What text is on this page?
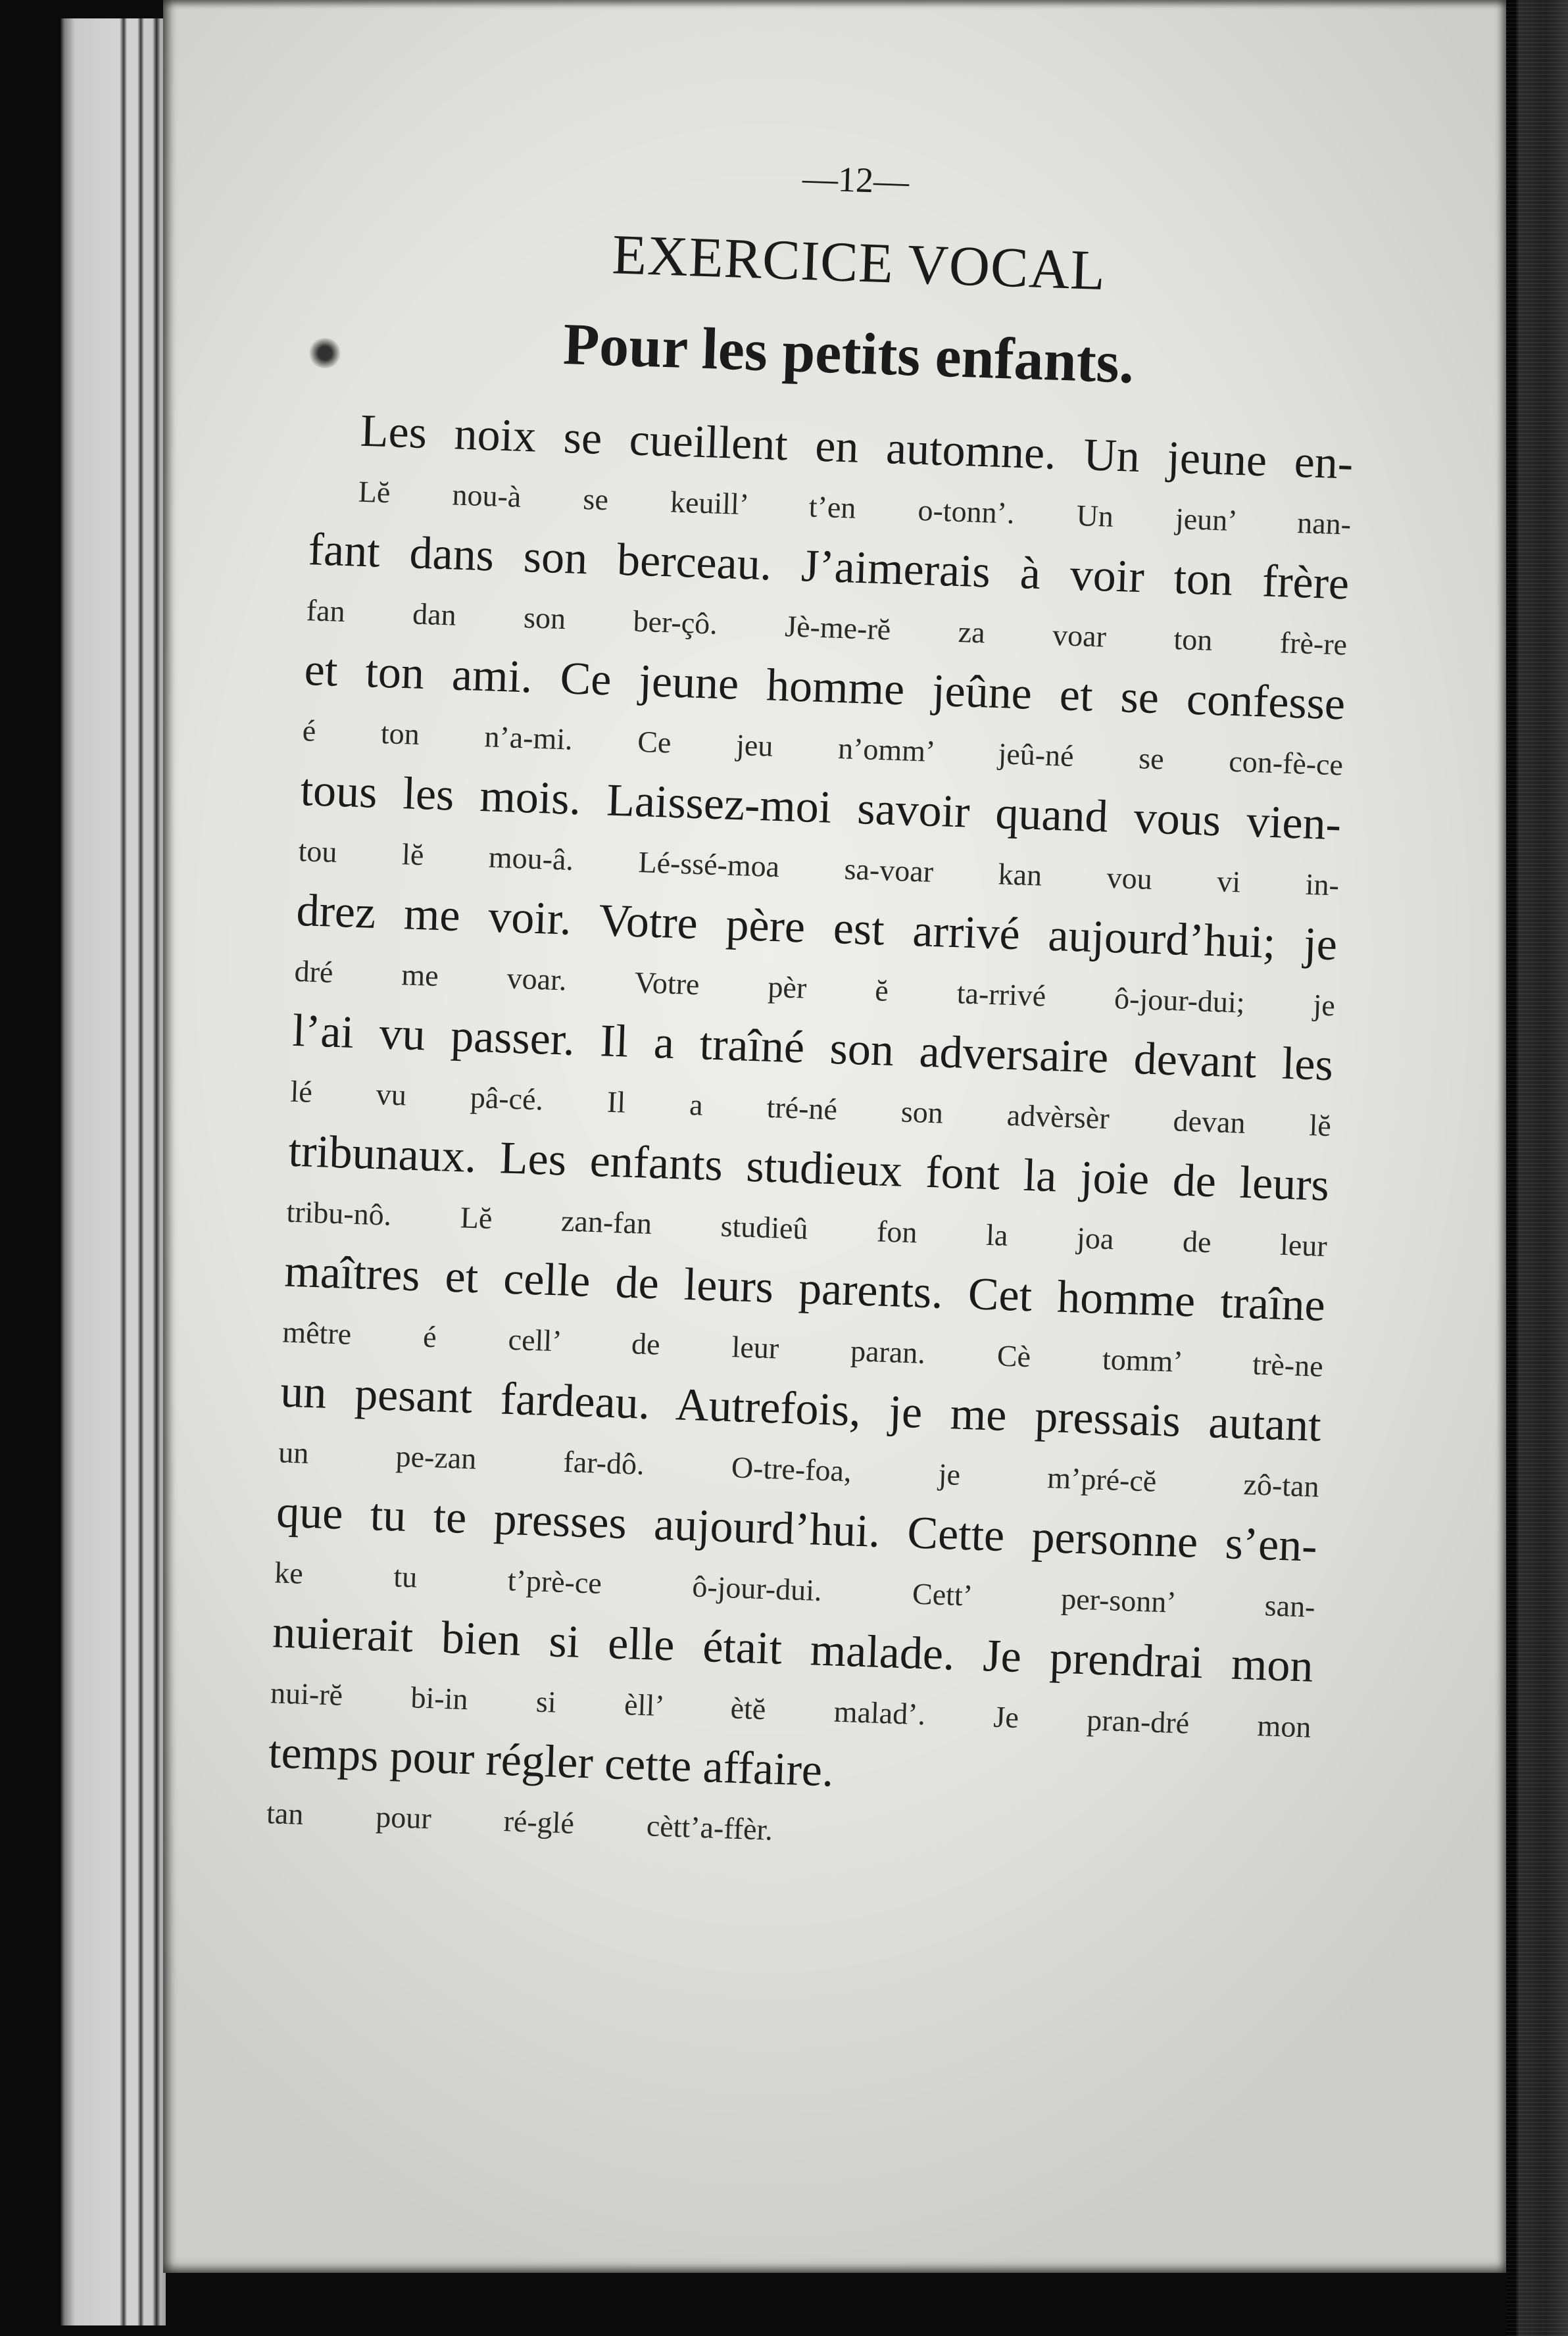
—12—
EXERCICE VOCAL
Pour les petits enfants.
Les noix se cueillent en automne. Un jeune en-
Lĕ nou-à se keuill’ t’en o-tonn’. Un jeun’ nan-
fant dans son berceau. J’aimerais à voir ton frère
fan dan son ber-çô. Jè-me-rĕ za voar ton frè-re
et ton ami. Ce jeune homme jeûne et se confesse
é ton n’a-mi. Ce jeu n’omm’ jeû-né se con-fè-ce
tous les mois. Laissez-moi savoir quand vous vien-
tou lĕ mou-â. Lé-ssé-moa sa-voar kan vou vi in-
drez me voir. Votre père est arrivé aujourd’hui; je
dré me voar. Votre pèr ĕ ta-rrivé ô-jour-dui; je
l’ai vu passer. Il a traîné son adversaire devant les
lé vu pâ-cé. Il a tré-né son advèrsèr devan lĕ
tribunaux. Les enfants studieux font la joie de leurs
tribu-nô. Lĕ zan-fan studieû fon la joa de leur
maîtres et celle de leurs parents. Cet homme traîne
mêtre é cell’ de leur paran. Cè tomm’ trè-ne
un pesant fardeau. Autrefois, je me pressais autant
un pe-zan far-dô. O-tre-foa, je m’pré-cĕ zô-tan
que tu te presses aujourd’hui. Cette personne s’en-
ke tu t’prè-ce ô-jour-dui. Cett’ per-sonn’ san-
nuierait bien si elle était malade. Je prendrai mon
nui-rĕ bi-in si èll’ ètĕ malad’. Je pran-dré mon
temps pour régler cette affaire.
tan pour ré-glé cètt’a-ffèr.
